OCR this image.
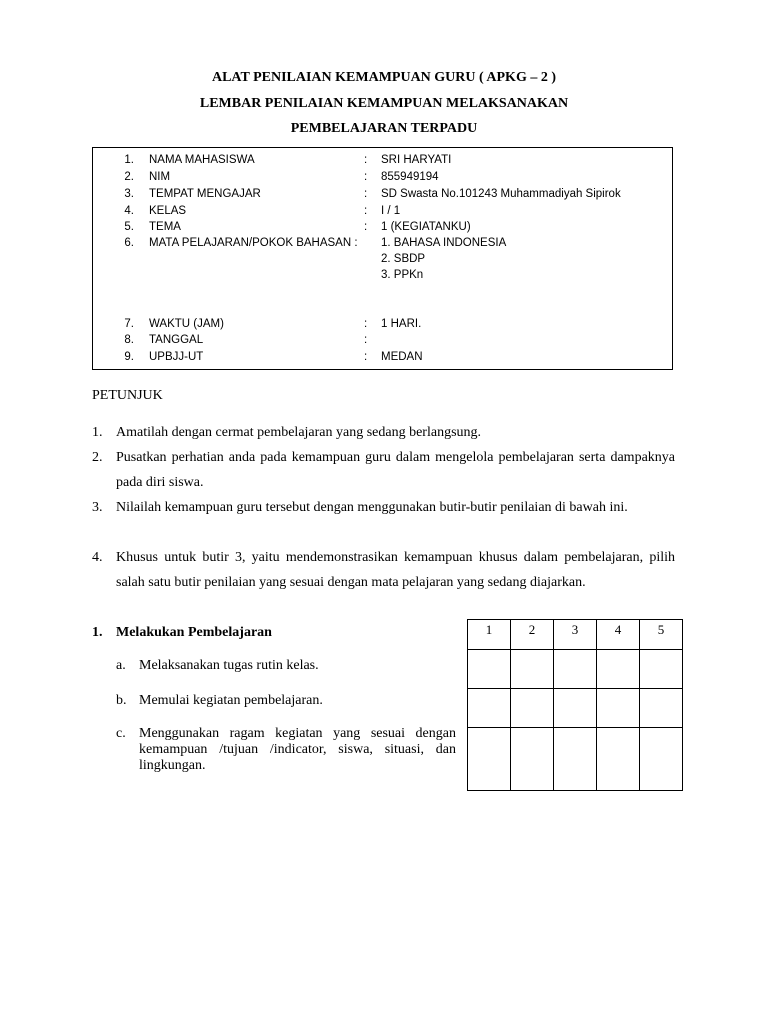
ALAT PENILAIAN KEMAMPUAN GURU ( APKG – 2 )
LEMBAR PENILAIAN KEMAMPUAN MELAKSANAKAN
PEMBELAJARAN TERPADU
1. NAMA MAHASISWA	: SRI HARYATI
2. NIM	: 855949194
3. TEMPAT MENGAJAR	: SD Swasta No.101243 Muhammadiyah Sipirok
4. KELAS	: I / 1
5. TEMA	: 1 (KEGIATANKU)
6. MATA PELAJARAN/POKOK BAHASAN : 1. BAHASA INDONESIA
2. SBDP
3. PPKn
7. WAKTU (JAM)	: 1 HARI.
8. TANGGAL	:
9. UPBJJ-UT	: MEDAN
PETUNJUK
1. Amatilah dengan cermat pembelajaran yang sedang berlangsung.
2. Pusatkan perhatian anda pada kemampuan guru dalam mengelola pembelajaran serta dampaknya pada diri siswa.
3. Nilailah kemampuan guru tersebut dengan menggunakan butir-butir penilaian di bawah ini.
4. Khusus untuk butir 3, yaitu mendemonstrasikan kemampuan khusus dalam pembelajaran, pilih salah satu butir penilaian yang sesuai dengan mata pelajaran yang sedang diajarkan.
1. Melakukan Pembelajaran
a. Melaksanakan tugas rutin kelas.
b. Memulai kegiatan pembelajaran.
c. Menggunakan ragam kegiatan yang sesuai dengan kemampuan /tujuan /indicator, siswa, situasi, dan lingkungan.
1	2	3	4	5
